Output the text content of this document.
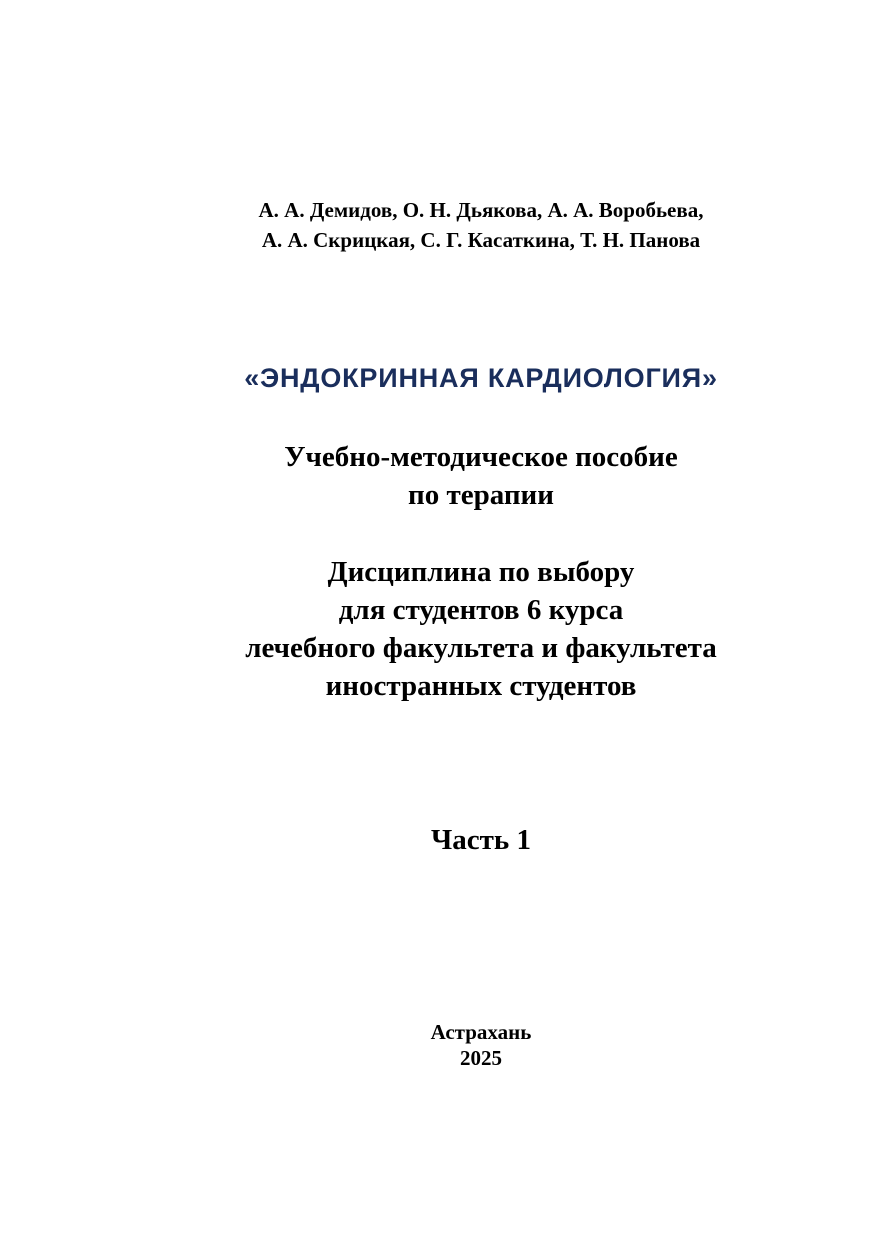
А. А. Демидов, О. Н. Дьякова, А. А. Воробьева,
А. А. Скрицкая, С. Г. Касаткина, Т. Н. Панова
«ЭНДОКРИННАЯ КАРДИОЛОГИЯ»
Учебно-методическое пособие
по терапии
Дисциплина по выбору
для студентов 6 курса
лечебного факультета и факультета
иностранных студентов
Часть 1
Астрахань
2025
